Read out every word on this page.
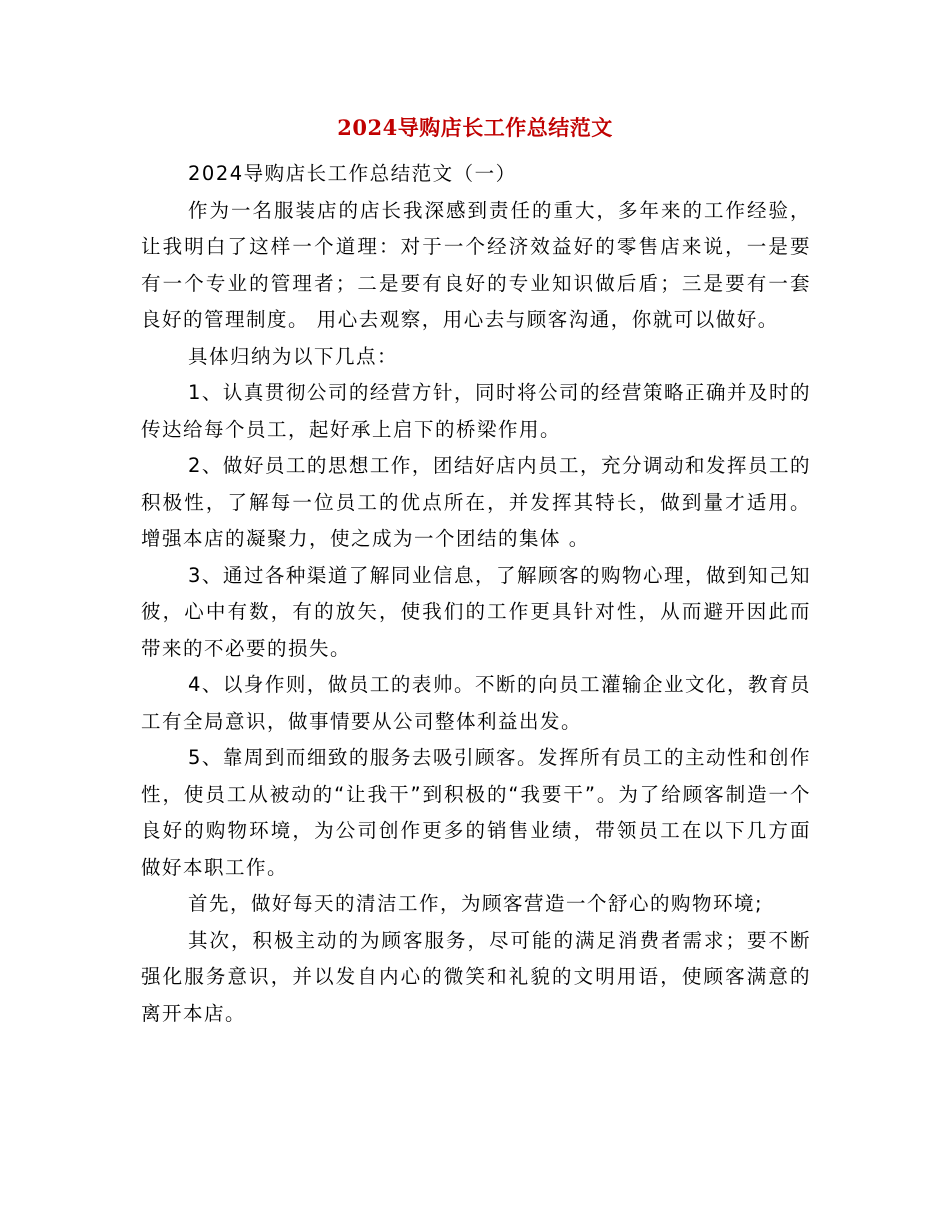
2024导购店长工作总结范文

2024导购店长工作总结范文（一）

作为一名服装店的店长我深感到责任的重大，多年来的工作经验，让我明白了这样一个道理：对于一个经济效益好的零售店来说，一是要有一个专业的管理者；二是要有良好的专业知识做后盾；三是要有一套良好的管理制度。 用心去观察，用心去与顾客沟通，你就可以做好。

具体归纳为以下几点：

1、认真贯彻公司的经营方针，同时将公司的经营策略正确并及时的传达给每个员工，起好承上启下的桥梁作用。

2、做好员工的思想工作，团结好店内员工，充分调动和发挥员工的积极性，了解每一位员工的优点所在，并发挥其特长，做到量才适用。增强本店的凝聚力，使之成为一个团结的集体 。

3、通过各种渠道了解同业信息，了解顾客的购物心理，做到知己知彼，心中有数，有的放矢，使我们的工作更具针对性，从而避开因此而带来的不必要的损失。

4、以身作则，做员工的表帅。不断的向员工灌输企业文化，教育员工有全局意识，做事情要从公司整体利益出发。

5、靠周到而细致的服务去吸引顾客。发挥所有员工的主动性和创作性，使员工从被动的“让我干”到积极的“我要干”。为了给顾客制造一个良好的购物环境，为公司创作更多的销售业绩，带领员工在以下几方面做好本职工作。

首先，做好每天的清洁工作，为顾客营造一个舒心的购物环境;

其次，积极主动的为顾客服务，尽可能的满足消费者需求；要不断强化服务意识，并以发自内心的微笑和礼貌的文明用语，使顾客满意的离开本店。
